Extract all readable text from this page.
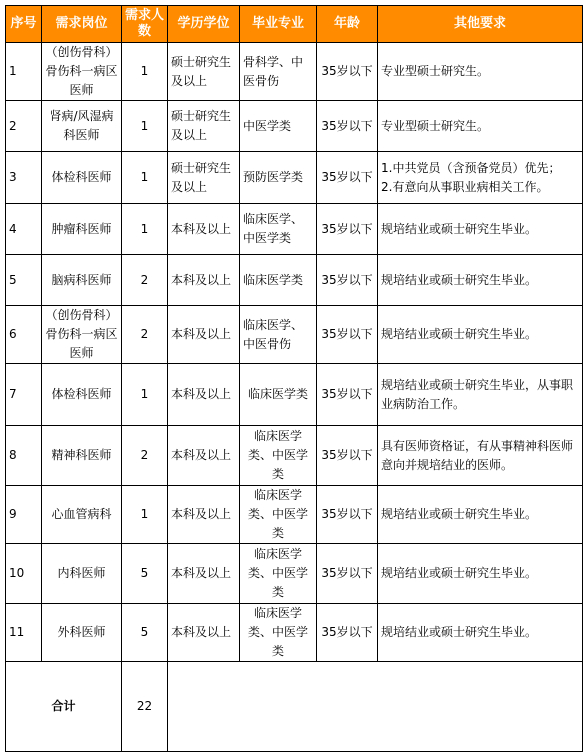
序号	需求岗位	需求人数	学历学位	毕业专业	年龄	其他要求
1	（创伤骨科）骨伤科一病区医师	1	硕士研究生及以上	骨科学、中医骨伤	35岁以下	专业型硕士研究生。
2	肾病/风湿病科医师	1	硕士研究生及以上	中医学类	35岁以下	专业型硕士研究生。
3	体检科医师	1	硕士研究生及以上	预防医学类	35岁以下	1.中共党员（含预备党员）优先；
2.有意向从事职业病相关工作。

4	肿瘤科医师	1	本科及以上	临床医学、中医学类	35岁以下	规培结业或硕士研究生毕业。
5	脑病科医师	2	本科及以上	临床医学类	35岁以下	规培结业或硕士研究生毕业。
6	（创伤骨科）骨伤科一病区医师	2	本科及以上	临床医学、中医骨伤	35岁以下	规培结业或硕士研究生毕业。
7	体检科医师	1	本科及以上	临床医学类	35岁以下	规培结业或硕士研究生毕业，从事职业病防治工作。
8	精神科医师	2	本科及以上	临床医学类、中医学类	35岁以下	具有医师资格证，有从事精神科医师意向并规培结业的医师。
9	心血管病科	1	本科及以上	临床医学类、中医学类	35岁以下	规培结业或硕士研究生毕业。
10	内科医师	5	本科及以上	临床医学类、中医学类	35岁以下	规培结业或硕士研究生毕业。
11	外科医师	5	本科及以上	临床医学类、中医学类	35岁以下	规培结业或硕士研究生毕业。
合计		22				
